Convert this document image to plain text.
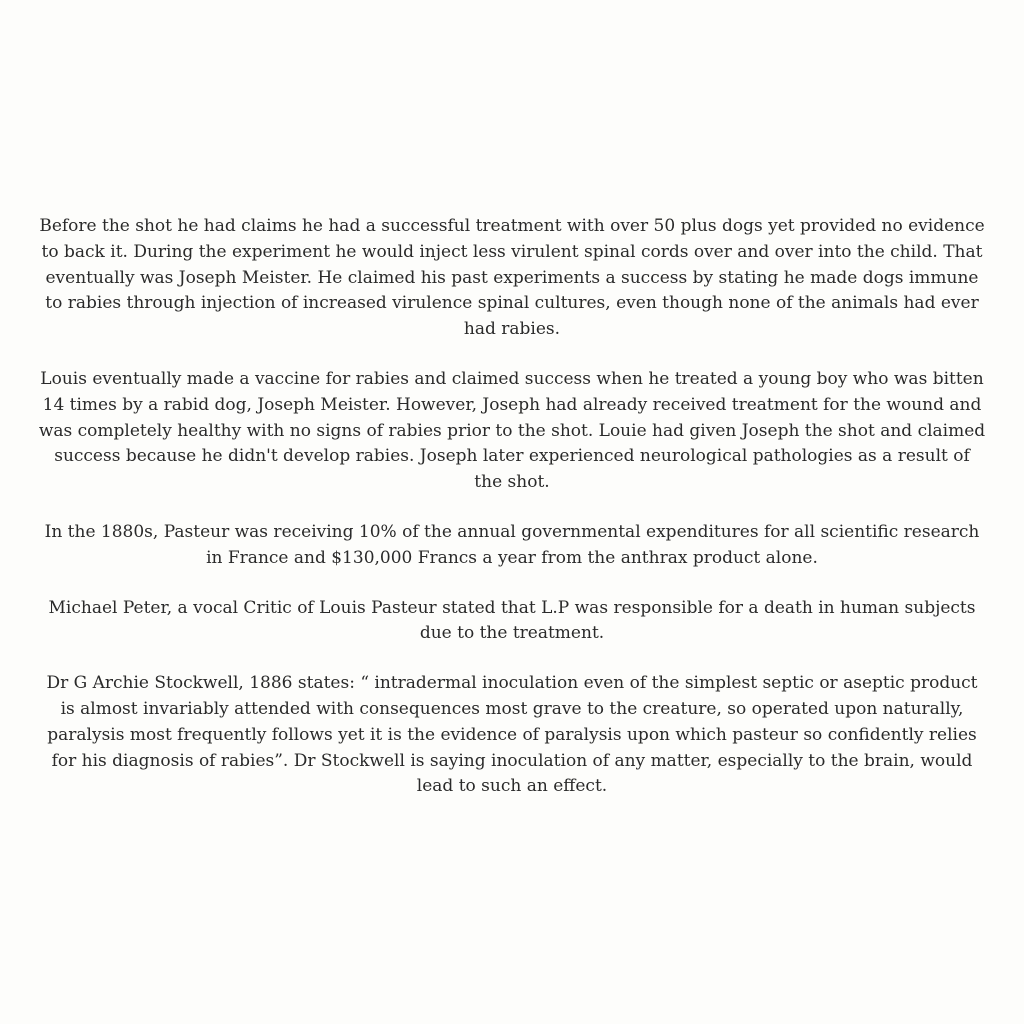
Before the shot he had claims he had a successful treatment with over 50 plus dogs yet provided no evidence to back it. During the experiment he would inject less virulent spinal cords over and over into the child. That eventually was Joseph Meister. He claimed his past experiments a success by stating he made dogs immune to rabies through injection of increased virulence spinal cultures, even though none of the animals had ever had rabies.

Louis eventually made a vaccine for rabies and claimed success when he treated a young boy who was bitten 14 times by a rabid dog, Joseph Meister. However, Joseph had already received treatment for the wound and was completely healthy with no signs of rabies prior to the shot. Louie had given Joseph the shot and claimed success because he didn't develop rabies. Joseph later experienced neurological pathologies as a result of the shot.

In the 1880s, Pasteur was receiving 10% of the annual governmental expenditures for all scientific research in France and $130,000 Francs a year from the anthrax product alone.

Michael Peter, a vocal Critic of Louis Pasteur stated that L.P was responsible for a death in human subjects due to the treatment.

Dr G Archie Stockwell, 1886 states: “ intradermal inoculation even of the simplest septic or aseptic product is almost invariably attended with consequences most grave to the creature, so operated upon naturally, paralysis most frequently follows yet it is the evidence of paralysis upon which pasteur so confidently relies for his diagnosis of rabies”. Dr Stockwell is saying inoculation of any matter, especially to the brain, would lead to such an effect.
